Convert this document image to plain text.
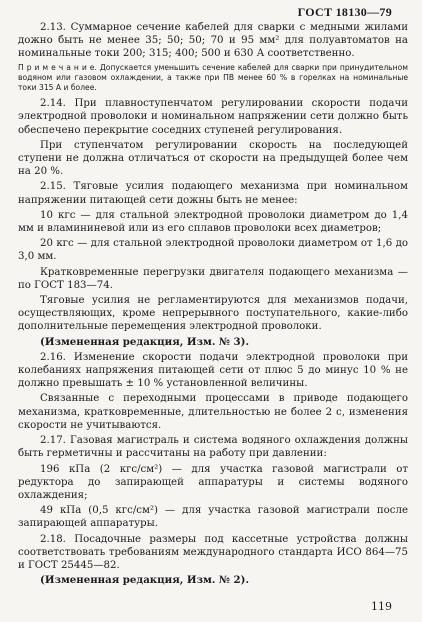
ГОСТ 18130—79

2.13. Суммарное сечение кабелей для сварки с медными жилами дожно быть не менее 35; 50; 50; 70 и 95 мм² для полуавтоматов на номинальные токи 200; 315; 400; 500 и 630 А соответственно.

П р и м е ч а н и е. Допускается уменьшить сечение кабелей для сварки при принудительном водяном или газовом охлаждении, а также при ПВ менее 60 % в горелках на номинальные токи 315 А и более.

2.14. При плавноступенчатом регулировании скорости подачи электродной проволоки и номинальном напряжении сети должно быть обеспечено перекрытие соседних ступеней регулирования.

При ступенчатом регулировании скорость на последующей ступени не должна отличаться от скорости на предыдущей более чем на 20 %.

2.15. Тяговые усилия подающего механизма при номинальном напряжении питающей сети дожны быть не менее:

10 кгс — для стальной электродной проволоки диаметром до 1,4 мм и вламининевой или из его сплавов проволоки всех диаметров;

20 кгс — для стальной электродной проволоки диаметром от 1,6 до 3,0 мм.

Кратковременные перегрузки двигателя подающего механизма — по ГОСТ 183—74.

Тяговые усилия не регламентируются для механизмов подачи, осуществляющих, кроме непрерывного поступательного, какие-либо дополнительные перемещения электродной проволоки.

(Измененная редакция, Изм. № 3).

2.16. Изменение скорости подачи электродной проволоки при колебаниях напряжения питающей сети от плюс 5 до минус 10 % не должно превышать ± 10 % установленной величины.

Связанные с переходными процессами в приводе подающего механизма, кратковременные, длительностью не более 2 с, изменения скорости не учитываются.

2.17. Газовая магистраль и система водяного охлаждения должны быть герметичны и рассчитаны на работу при давлении:

196 кПа (2 кгс/см²) — для участка газовой магистрали от редуктора до запирающей аппаратуры и системы водяного охлаждения;

49 кПа (0,5 кгс/см²) — для участка газовой магистрали после запирающей аппаратуры.

2.18. Посадочные размеры под кассетные устройства должны соответствовать требованиям международного стандарта ИСО 864—75 и ГОСТ 25445—82.

(Измененная редакция, Изм. № 2).

119
